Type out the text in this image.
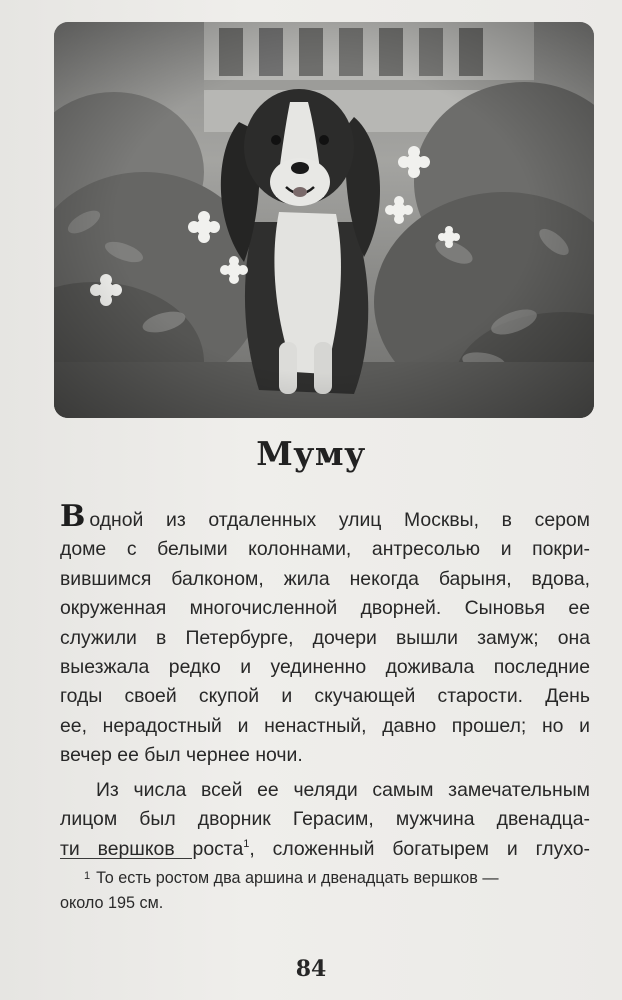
Муму
Водной из отдаленных улиц Москвы, в сером
доме с белыми колоннами, антресолью и покри-
вившимся балконом, жила некогда барыня, вдова,
окруженная многочисленной дворней. Сыновья ее
служили в Петербурге, дочери вышли замуж; она
выезжала редко и уединенно доживала последние
годы своей скупой и скучающей старости. День
ее, нерадостный и ненастный, давно прошел; но и
вечер ее был чернее ночи.
Из числа всей ее челяди самым замечательным
лицом был дворник Герасим, мужчина двенадца-
ти вершков роста$^1$, сложенный богатырем и глухо-
$^1$ То есть ростом два аршина и двенадцать вершков —
около 195 см.
84
